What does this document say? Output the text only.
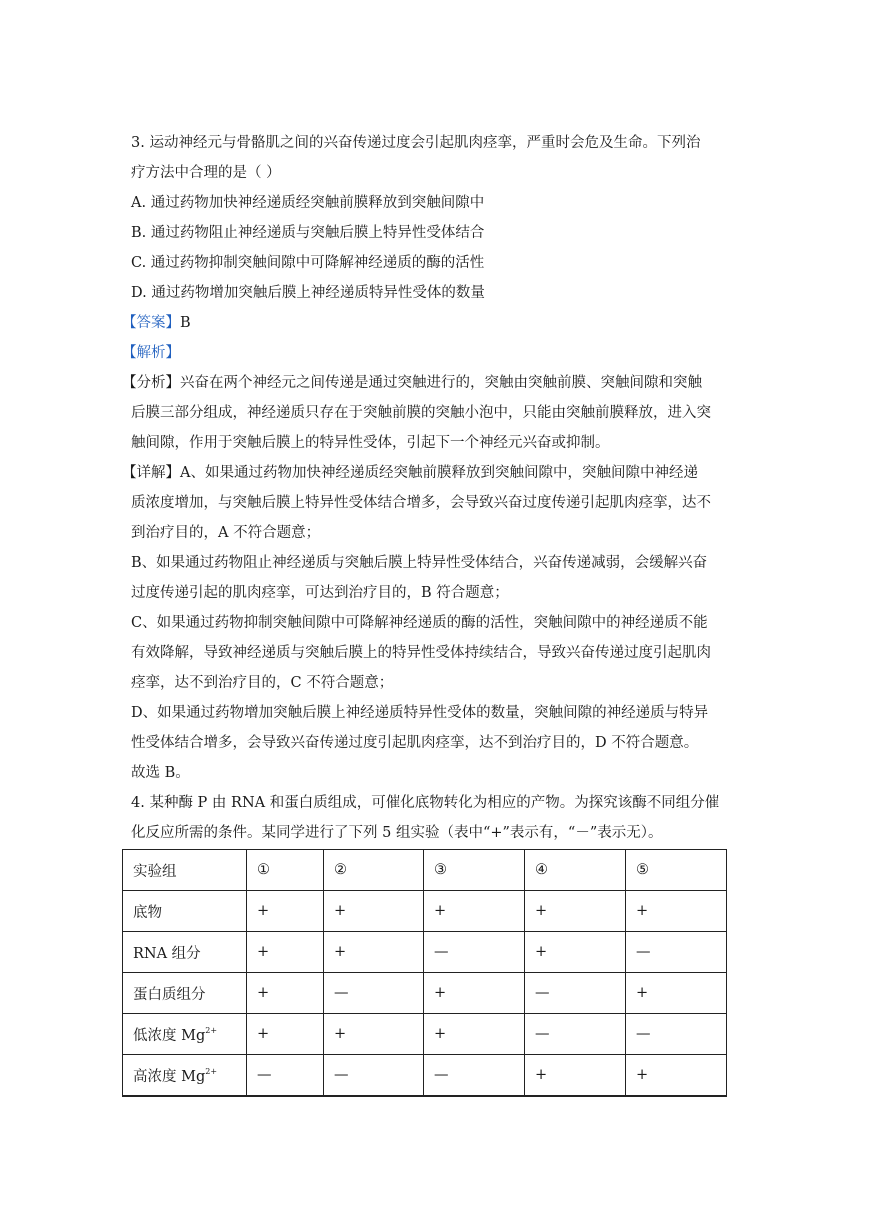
3. 运动神经元与骨骼肌之间的兴奋传递过度会引起肌肉痉挛，严重时会危及生命。下列治
疗方法中合理的是（ ）
A. 通过药物加快神经递质经突触前膜释放到突触间隙中
B. 通过药物阻止神经递质与突触后膜上特异性受体结合
C. 通过药物抑制突触间隙中可降解神经递质的酶的活性
D. 通过药物增加突触后膜上神经递质特异性受体的数量
【答案】B
【解析】
【分析】兴奋在两个神经元之间传递是通过突触进行的，突触由突触前膜、突触间隙和突触
后膜三部分组成，神经递质只存在于突触前膜的突触小泡中，只能由突触前膜释放，进入突
触间隙，作用于突触后膜上的特异性受体，引起下一个神经元兴奋或抑制。
【详解】A、如果通过药物加快神经递质经突触前膜释放到突触间隙中，突触间隙中神经递
质浓度增加，与突触后膜上特异性受体结合增多，会导致兴奋过度传递引起肌肉痉挛，达不
到治疗目的，A 不符合题意；
B、如果通过药物阻止神经递质与突触后膜上特异性受体结合，兴奋传递减弱，会缓解兴奋
过度传递引起的肌肉痉挛，可达到治疗目的，B 符合题意；
C、如果通过药物抑制突触间隙中可降解神经递质的酶的活性，突触间隙中的神经递质不能
有效降解，导致神经递质与突触后膜上的特异性受体持续结合，导致兴奋传递过度引起肌肉
痉挛，达不到治疗目的，C 不符合题意；
D、如果通过药物增加突触后膜上神经递质特异性受体的数量，突触间隙的神经递质与特异
性受体结合增多，会导致兴奋传递过度引起肌肉痉挛，达不到治疗目的，D 不符合题意。
故选 B。
4. 某种酶 P 由 RNA 和蛋白质组成，可催化底物转化为相应的产物。为探究该酶不同组分催
化反应所需的条件。某同学进行了下列 5 组实验（表中“+”表示有，“－”表示无）。
实验组	①	②	③	④	⑤
底物	+	+	+	+	+
RNA 组分	+	+	—	+	—
蛋白质组分	+	—	+	—	+
低浓度 $Mg^{2+}$	+	+	+	—	—
高浓度 $Mg^{2+}$	—	—	—	+	+
